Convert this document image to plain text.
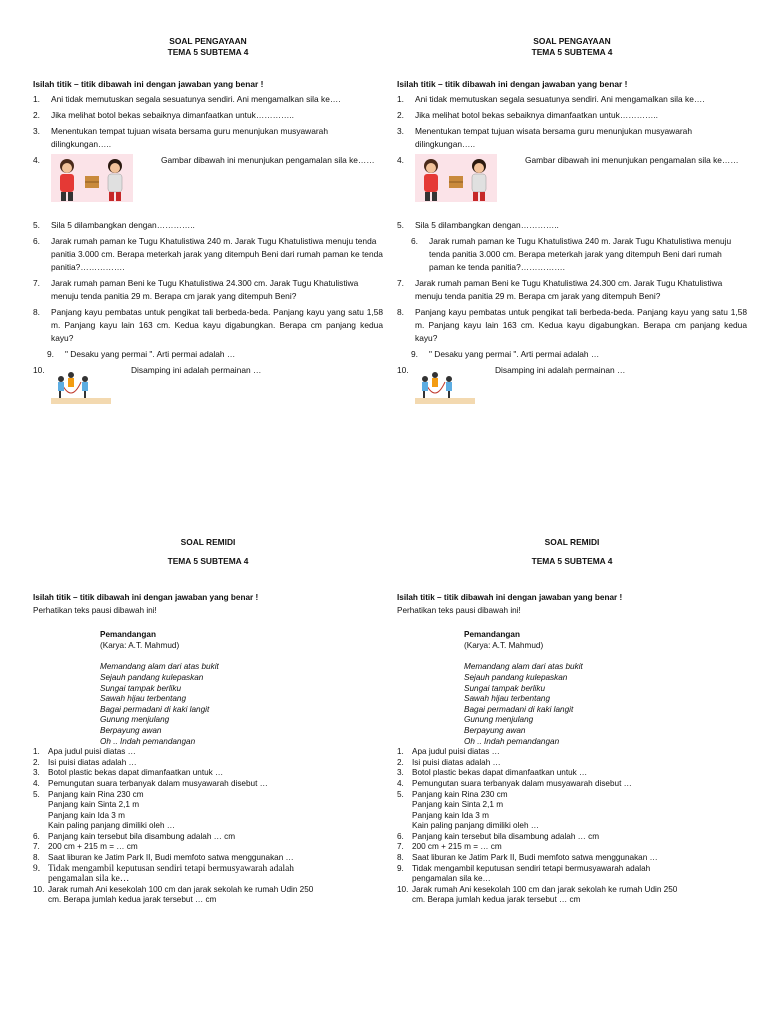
SOAL PENGAYAAN
TEMA 5 SUBTEMA 4
Isilah titik – titik dibawah ini dengan jawaban yang benar !
1. Ani tidak memutuskan segala sesuatunya sendiri. Ani mengamalkan sila ke….
2. Jika melihat botol bekas sebaiknya dimanfaatkan untuk…………..
3. Menentukan tempat tujuan wisata bersama guru menunjukan musyawarah dilingkungan…..
4.	Gambar dibawah ini menunjukan pengamalan sila ke……
5. Sila 5 dilambangkan dengan…………..
6. Jarak rumah paman ke Tugu Khatulistiwa 240 m. Jarak Tugu Khatulistiwa menuju tenda panitia 3.000 cm. Berapa meterkah jarak yang ditempuh Beni dari rumah paman ke tenda panitia?…………….
7. Jarak rumah paman Beni ke Tugu Khatulistiwa 24.300 cm. Jarak Tugu Khatulistiwa menuju tenda panitia 29 m. Berapa cm jarak yang ditempuh Beni?
8. Panjang kayu pembatas untuk pengikat tali berbeda-beda. Panjang kayu yang satu 1,58 m. Panjang kayu lain 163 cm. Kedua kayu digabungkan. Berapa cm panjang kedua kayu?
9. " Desaku yang permai ". Arti permai adalah …
10.	Disamping ini adalah permainan …
SOAL PENGAYAAN
TEMA 5 SUBTEMA 4
Isilah titik – titik dibawah ini dengan jawaban yang benar !
1. Ani tidak memutuskan segala sesuatunya sendiri. Ani mengamalkan sila ke….
2. Jika melihat botol bekas sebaiknya dimanfaatkan untuk…………..
3. Menentukan tempat tujuan wisata bersama guru menunjukan musyawarah dilingkungan…..
4.	Gambar dibawah ini menunjukan pengamalan sila ke……
5. Sila 5 dilambangkan dengan…………..
6. Jarak rumah paman ke Tugu Khatulistiwa 240 m. Jarak Tugu Khatulistiwa menuju tenda panitia 3.000 cm. Berapa meterkah jarak yang ditempuh Beni dari rumah paman ke tenda panitia?…………….
7. Jarak rumah paman Beni ke Tugu Khatulistiwa 24.300 cm. Jarak Tugu Khatulistiwa menuju tenda panitia 29 m. Berapa cm jarak yang ditempuh Beni?
8. Panjang kayu pembatas untuk pengikat tali berbeda-beda. Panjang kayu yang satu 1,58 m. Panjang kayu lain 163 cm. Kedua kayu digabungkan. Berapa cm panjang kedua kayu?
9. " Desaku yang permai ". Arti permai adalah …
10.	Disamping ini adalah permainan …
SOAL REMIDI
TEMA 5 SUBTEMA 4
Isilah titik – titik dibawah ini dengan jawaban yang benar !
Perhatikan teks pausi dibawah ini!
Pemandangan
(Karya: A.T. Mahmud)
Memandang alam dari atas bukit
Sejauh pandang kulepaskan
Sungai tampak berliku
Sawah hijau terbentang
Bagai permadani di kaki langit
Gunung menjulang
Berpayung awan
Oh .. Indah pemandangan
1. Apa judul puisi diatas …
2. Isi puisi diatas adalah …
3. Botol plastic bekas dapat dimanfaatkan untuk …
4. Pemungutan suara terbanyak dalam musyawarah disebut …
5. Panjang kain Rina 230 cm
Panjang kain Sinta 2,1 m
Panjang kain Ida 3 m
Kain paling panjang dimiliki oleh …
6. Panjang kain tersebut bila disambung adalah … cm
7. 200 cm + 215 m = … cm
8. Saat liburan ke Jatim Park II, Budi memfoto satwa menggunakan …
9. Tidak mengambil keputusan sendiri tetapi bermusyawarah adalah pengamalan sila ke…
10. Jarak rumah Ani kesekolah 100 cm dan jarak sekolah ke rumah Udin 250 cm. Berapa jumlah kedua jarak tersebut … cm
SOAL REMIDI
TEMA 5 SUBTEMA 4
Isilah titik – titik dibawah ini dengan jawaban yang benar !
Perhatikan teks pausi dibawah ini!
Pemandangan
(Karya: A.T. Mahmud)
Memandang alam dari atas bukit
Sejauh pandang kulepaskan
Sungai tampak berliku
Sawah hijau terbentang
Bagai permadani di kaki langit
Gunung menjulang
Berpayung awan
Oh .. Indah pemandangan
1. Apa judul puisi diatas …
2. Isi puisi diatas adalah …
3. Botol plastic bekas dapat dimanfaatkan untuk …
4. Pemungutan suara terbanyak dalam musyawarah disebut …
5. Panjang kain Rina 230 cm
Panjang kain Sinta 2,1 m
Panjang kain Ida 3 m
Kain paling panjang dimiliki oleh …
6. Panjang kain tersebut bila disambung adalah … cm
7. 200 cm + 215 m = … cm
8. Saat liburan ke Jatim Park II, Budi memfoto satwa menggunakan …
9. Tidak mengambil keputusan sendiri tetapi bermusyawarah adalah pengamalan sila ke…
10. Jarak rumah Ani kesekolah 100 cm dan jarak sekolah ke rumah Udin 250 cm. Berapa jumlah kedua jarak tersebut … cm
